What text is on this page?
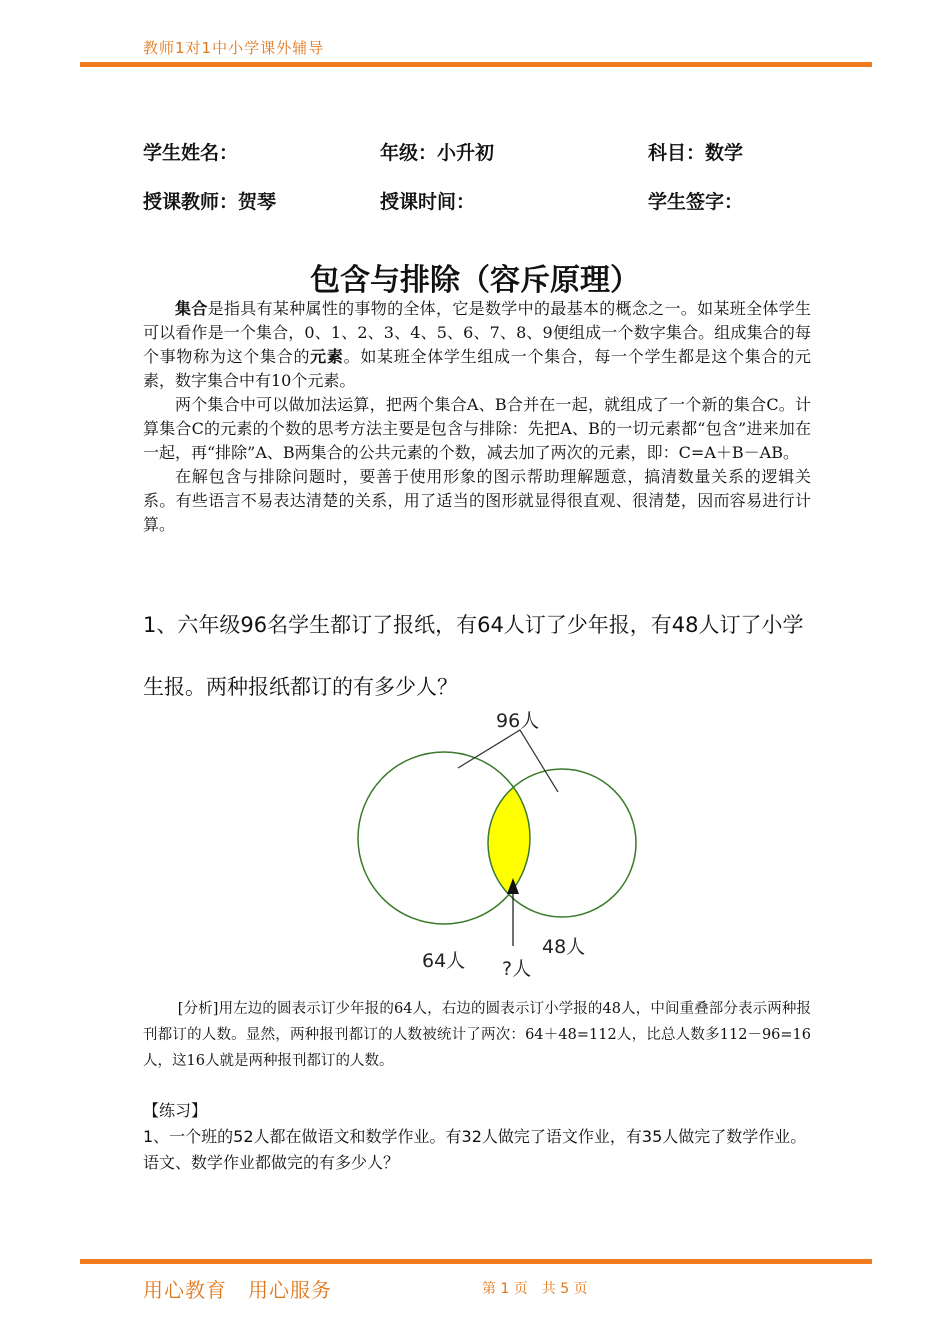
教师1对1中小学课外辅导
学生姓名：	年级：小升初	科目：数学
授课教师：贺琴	授课时间：	学生签字：
包含与排除（容斥原理）

集合是指具有某种属性的事物的全体，它是数学中的最基本的概念之一。如某班全体学生可以看作是一个集合，0、1、2、3、4、5、6、7、8、9便组成一个数字集合。组成集合的每个事物称为这个集合的元素。如某班全体学生组成一个集合，每一个学生都是这个集合的元素，数字集合中有10个元素。

两个集合中可以做加法运算，把两个集合A、B合并在一起，就组成了一个新的集合C。计算集合C的元素的个数的思考方法主要是包含与排除：先把A、B的一切元素都“包含”进来加在一起，再“排除”A、B两集合的公共元素的个数，减去加了两次的元素，即：C=A＋B－AB。

在解包含与排除问题时，要善于使用形象的图示帮助理解题意，搞清数量关系的逻辑关系。有些语言不易表达清楚的关系，用了适当的图形就显得很直观、很清楚，因而容易进行计算。

1、六年级96名学生都订了报纸，有64人订了少年报，有48人订了小学生报。两种报纸都订的有多少人？
96人
64人
48人
?人
[分析]用左边的圆表示订少年报的64人，右边的圆表示订小学报的48人，中间重叠部分表示两种报刊都订的人数。显然，两种报刊都订的人数被统计了两次：64＋48=112人，比总人数多112－96=16人，这16人就是两种报刊都订的人数。
【练习】
1、一个班的52人都在做语文和数学作业。有32人做完了语文作业，有35人做完了数学作业。语文、数学作业都做完的有多少人？
用心教育　用心服务	第 1 页　共 5 页
